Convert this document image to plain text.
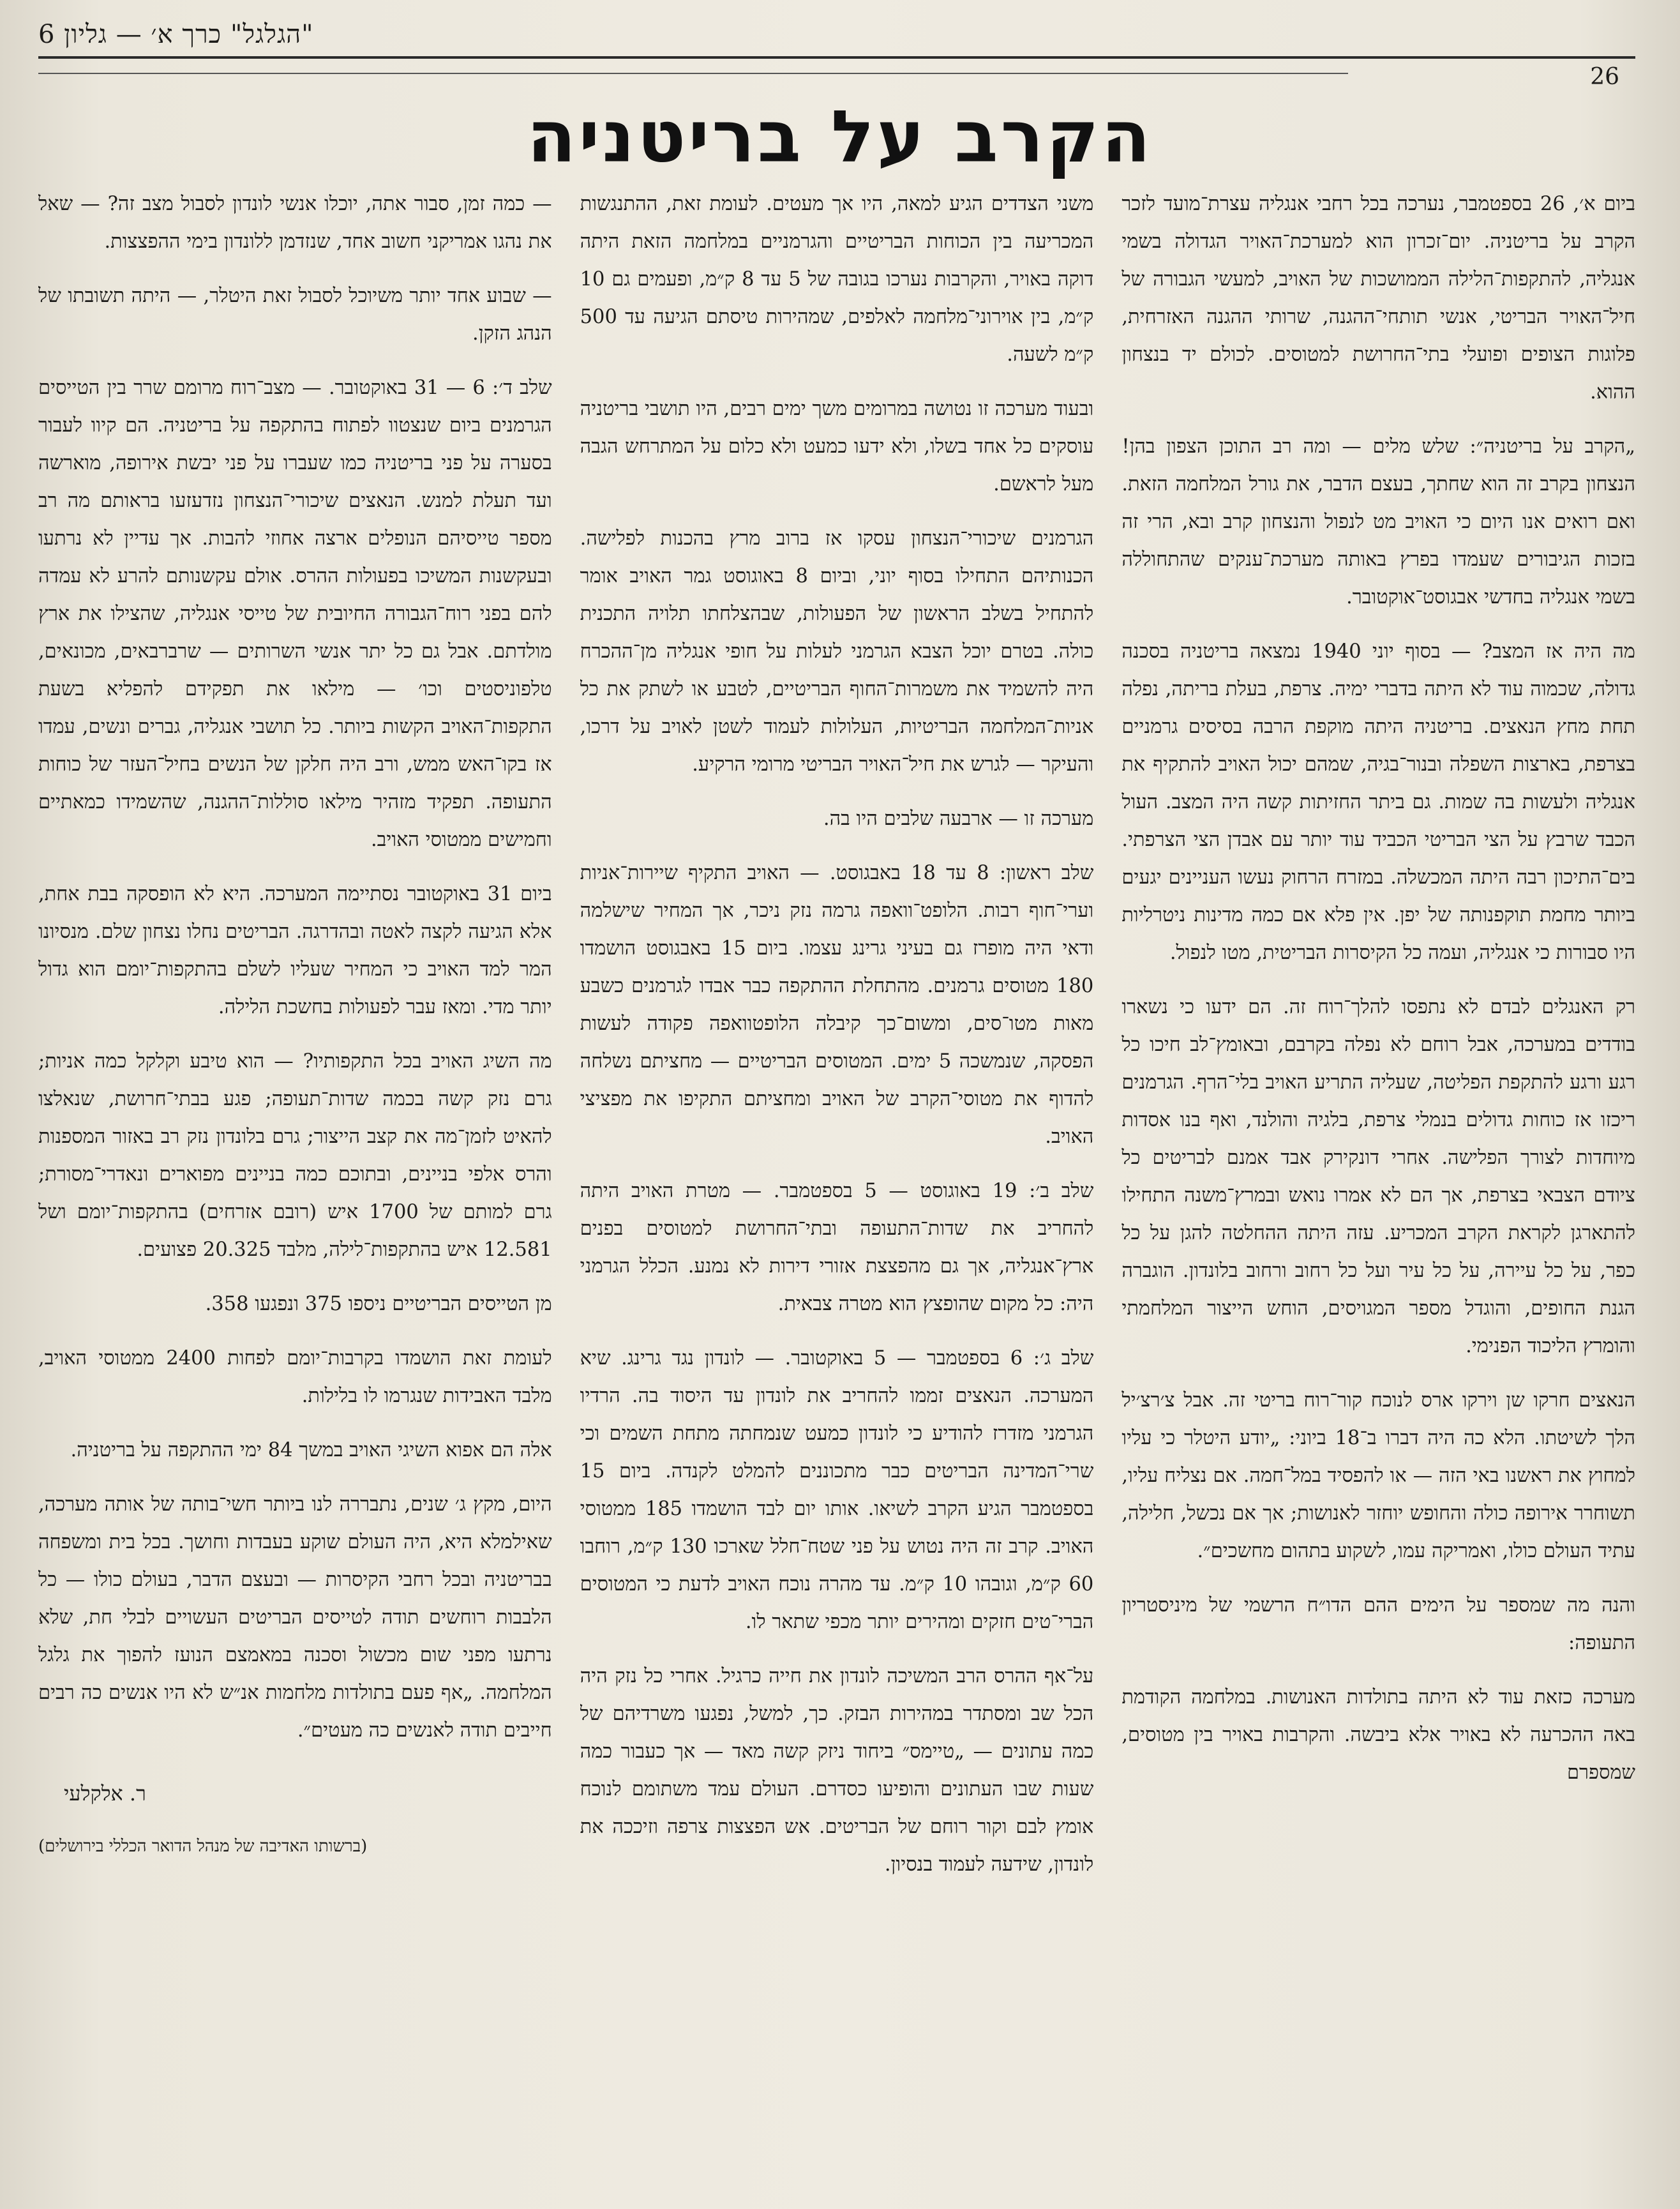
"הגלגל" כרך א׳ — גליון 6
26
הקרב על בריטניה

ביום א׳, 26 בספטמבר, נערכה בכל רחבי אנגליה עצרת־מועד לזכר הקרב על בריטניה. יום־זכרון הוא למערכת־האויר הגדולה בשמי אנגליה, להתקפות־הלילה הממושכות של האויב, למעשי הגבורה של חיל־האויר הבריטי, אנשי תותחי־ההגנה, שרותי ההגנה האזרחית, פלוגות הצופים ופועלי בתי־החרושת למטוסים. לכולם יד בנצחון ההוא.

„הקרב על בריטניה״: שלש מלים — ומה רב התוכן הצפון בהן! הנצחון בקרב זה הוא שחתך, בעצם הדבר, את גורל המלחמה הזאת. ואם רואים אנו היום כי האויב מט לנפול והנצחון קרב ובא, הרי זה בזכות הגיבורים שעמדו בפרץ באותה מערכת־ענקים שהתחוללה בשמי אנגליה בחדשי אבגוסט־אוקטובר.

מה היה אז המצב? — בסוף יוני 1940 נמצאה בריטניה בסכנה גדולה, שכמוה עוד לא היתה בדברי ימיה. צרפת, בעלת בריתה, נפלה תחת מחץ הנאצים. בריטניה היתה מוקפת הרבה בסיסים גרמניים בצרפת, בארצות השפלה ובנור־בגיה, שמהם יכול האויב להתקיף את אנגליה ולעשות בה שמות. גם ביתר החזיתות קשה היה המצב. העול הכבד שרבץ על הצי הבריטי הכביד עוד יותר עם אבדן הצי הצרפתי. בים־התיכון רבה היתה המכשלה. במזרח הרחוק נעשו העניינים יגעים ביותר מחמת תוקפנותה של יפן. אין פלא אם כמה מדינות ניטרליות היו סבורות כי אנגליה, ועמה כל הקיסרות הבריטית, מטו לנפול.

רק האנגלים לבדם לא נתפסו להלך־רוח זה. הם ידעו כי נשארו בודדים במערכה, אבל רוחם לא נפלה בקרבם, ובאומץ־לב חיכו כל רגע ורגע להתקפת הפליטה, שעליה התריע האויב בלי־הרף. הגרמנים ריכזו אז כוחות גדולים בנמלי צרפת, בלגיה והולנד, ואף בנו אסדות מיוחדות לצורך הפלישה. אחרי דונקירק אבד אמנם לבריטים כל ציודם הצבאי בצרפת, אך הם לא אמרו נואש ובמרץ־משנה התחילו להתארגן לקראת הקרב המכריע. עזה היתה ההחלטה להגן על כל כפר, על כל עיירה, על כל עיר ועל כל רחוב ורחוב בלונדון. הוגברה הגנת החופים, והוגדל מספר המגויסים, הוחש הייצור המלחמתי והומרץ הליכוד הפנימי.

הנאצים חרקו שן וירקו ארס לנוכח קור־רוח בריטי זה. אבל צ׳רצ׳יל הלך לשיטתו. הלא כה היה דברו ב־18 ביוני: „יודע היטלר כי עליו למחוץ את ראשנו באי הזה — או להפסיד במל־חמה. אם נצליח עליו, תשוחרר אירופה כולה והחופש יוחזר לאנושות; אך אם נכשל, חלילה, עתיד העולם כולו, ואמריקה עמו, לשקוע בתהום מחשכים״.

והנה מה שמספר על הימים ההם הדו״ח הרשמי של מיניסטריון התעופה:

מערכה כזאת עוד לא היתה בתולדות האנושות. במלחמה הקודמת באה ההכרעה לא באויר אלא ביבשה. והקרבות באויר בין מטוסים, שמספרם

משני הצדדים הגיע למאה, היו אך מעטים. לעומת זאת, ההתנגשות המכריעה בין הכוחות הבריטיים והגרמניים במלחמה הזאת היתה דוקה באויר, והקרבות נערכו בגובה של 5 עד 8 ק״מ, ופעמים גם 10 ק״מ, בין אוירוני־מלחמה לאלפים, שמהירות טיסתם הגיעה עד 500 ק״מ לשעה.

ובעוד מערכה זו נטושה במרומים משך ימים רבים, היו תושבי בריטניה עוסקים כל אחד בשלו, ולא ידעו כמעט ולא כלום על המתרחש הגבה מעל לראשם.

הגרמנים שיכורי־הנצחון עסקו אז ברוב מרץ בהכנות לפלישה. הכנותיהם התחילו בסוף יוני, וביום 8 באוגוסט גמר האויב אומר להתחיל בשלב הראשון של הפעולות, שבהצלחתו תלויה התכנית כולה. בטרם יוכל הצבא הגרמני לעלות על חופי אנגליה מן־ההכרח היה להשמיד את משמרות־החוף הבריטיים, לטבע או לשתק את כל אניות־המלחמה הבריטיות, העלולות לעמוד לשטן לאויב על דרכו, והעיקר — לגרש את חיל־האויר הבריטי מרומי הרקיע.

מערכה זו — ארבעה שלבים היו בה.

שלב ראשון: 8 עד 18 באבגוסט. — האויב התקיף שיירות־אניות וערי־חוף רבות. הלופט־וואפה גרמה נזק ניכר, אך המחיר שישלמה ודאי היה מופרז גם בעיני גרינג עצמו. ביום 15 באבגוסט הושמדו 180 מטוסים גרמנים. מהתחלת ההתקפה כבר אבדו לגרמנים כשבע מאות מטו־סים, ומשום־כך קיבלה הלופטוואפה פקודה לעשות הפסקה, שנמשכה 5 ימים. המטוסים הבריטיים — מחציתם נשלחה להדוף את מטוסי־הקרב של האויב ומחציתם התקיפו את מפציצי האויב.

שלב ב׳: 19 באוגוסט — 5 בספטמבר. — מטרת האויב היתה להחריב את שדות־התעופה ובתי־החרושת למטוסים בפנים ארץ־אנגליה, אך גם מהפצצת אזורי דירות לא נמנע. הכלל הגרמני היה: כל מקום שהופצץ הוא מטרה צבאית.

שלב ג׳: 6 בספטמבר — 5 באוקטובר. — לונדון נגד גרינג. שיא המערכה. הנאצים זממו להחריב את לונדון עד היסוד בה. הרדיו הגרמני מזדרז להודיע כי לונדון כמעט שנמחתה מתחת השמים וכי שרי־המדינה הבריטים כבר מתכוננים להמלט לקנדה. ביום 15 בספטמבר הגיע הקרב לשיאו. אותו יום לבד הושמדו 185 ממטוסי האויב. קרב זה היה נטוש על פני שטח־חלל שארכו 130 ק״מ, רוחבו 60 ק״מ, וגובהו 10 ק״מ. עד מהרה נוכח האויב לדעת כי המטוסים הברי־טים חזקים ומהירים יותר מכפי שתאר לו.

על־אף ההרס הרב המשיכה לונדון את חייה כרגיל. אחרי כל נזק היה הכל שב ומסתדר במהירות הבזק. כך, למשל, נפגעו משרדיהם של כמה עתונים — „טיימס״ ביחוד ניזק קשה מאד — אך כעבור כמה שעות שבו העתונים והופיעו כסדרם. העולם עמד משתומם לנוכח אומץ לבם וקור רוחם של הבריטים. אש הפצצות צרפה וזיככה את לונדון, שידעה לעמוד בנסיון.

— כמה זמן, סבור אתה, יוכלו אנשי לונדון לסבול מצב זה? — שאל את נהגו אמריקני חשוב אחד, שנזדמן ללונדון בימי ההפצצות.

— שבוע אחד יותר משיוכל לסבול זאת היטלר, — היתה תשובתו של הנהג הזקן.

שלב ד׳: 6 — 31 באוקטובר. — מצב־רוח מרומם שרר בין הטייסים הגרמנים ביום שנצטוו לפתוח בהתקפה על בריטניה. הם קיוו לעבור בסערה על פני בריטניה כמו שעברו על פני יבשת אירופה, מוארשה ועד תעלת למנש. הנאצים שיכורי־הנצחון נזדעזעו בראותם מה רב מספר טייסיהם הנופלים ארצה אחוזי להבות. אך עדיין לא נרתעו ובעקשנות המשיכו בפעולות ההרס. אולם עקשנותם להרע לא עמדה להם בפני רוח־הגבורה החיובית של טייסי אנגליה, שהצילו את ארץ מולדתם. אבל גם כל יתר אנשי השרותים — שרברבאים, מכונאים, טלפוניסטים וכו׳ — מילאו את תפקידם להפליא בשעת התקפות־האויב הקשות ביותר. כל תושבי אנגליה, גברים ונשים, עמדו אז בקו־האש ממש, ורב היה חלקן של הנשים בחיל־העזר של כוחות התעופה. תפקיד מזהיר מילאו סוללות־ההגנה, שהשמידו כמאתיים וחמישים ממטוסי האויב.

ביום 31 באוקטובר נסתיימה המערכה. היא לא הופסקה בבת אחת, אלא הגיעה לקצה לאטה ובהדרגה. הבריטים נחלו נצחון שלם. מנסיונו המר למד האויב כי המחיר שעליו לשלם בהתקפות־יומם הוא גדול יותר מדי. ומאז עבר לפעולות בחשכת הלילה.

מה השיג האויב בכל התקפותיו? — הוא טיבע וקלקל כמה אניות; גרם נזק קשה בכמה שדות־תעופה; פגע בבתי־חרושת, שנאלצו להאיט לזמן־מה את קצב הייצור; גרם בלונדון נזק רב באזור המספנות והרס אלפי בניינים, ובתוכם כמה בניינים מפוארים ונאדרי־מסורת; גרם למותם של 1700 איש (רובם אזרחים) בהתקפות־יומם ושל 12.581 איש בהתקפות־לילה, מלבד 20.325 פצועים.

מן הטייסים הבריטיים ניספו 375 ונפגעו 358.

לעומת זאת הושמדו בקרבות־יומם לפחות 2400 ממטוסי האויב, מלבד האבידות שנגרמו לו בלילות.

אלה הם אפוא השיגי האויב במשך 84 ימי ההתקפה על בריטניה.

היום, מקץ ג׳ שנים, נתבררה לנו ביותר חשי־בותה של אותה מערכה, שאילמלא היא, היה העולם שוקע בעבדות וחושך. בכל בית ומשפחה בבריטניה ובכל רחבי הקיסרות — ובעצם הדבר, בעולם כולו — כל הלבבות רוחשים תודה לטייסים הבריטים העשויים לבלי חת, שלא נרתעו מפני שום מכשול וסכנה במאמצם הנועז להפוך את גלגל המלחמה. „אף פעם בתולדות מלחמות אנ״ש לא היו אנשים כה רבים חייבים תודה לאנשים כה מעטים״.

ר. אלקלעי
(ברשותו האדיבה של מנהל הדואר הכללי בירושלים)
